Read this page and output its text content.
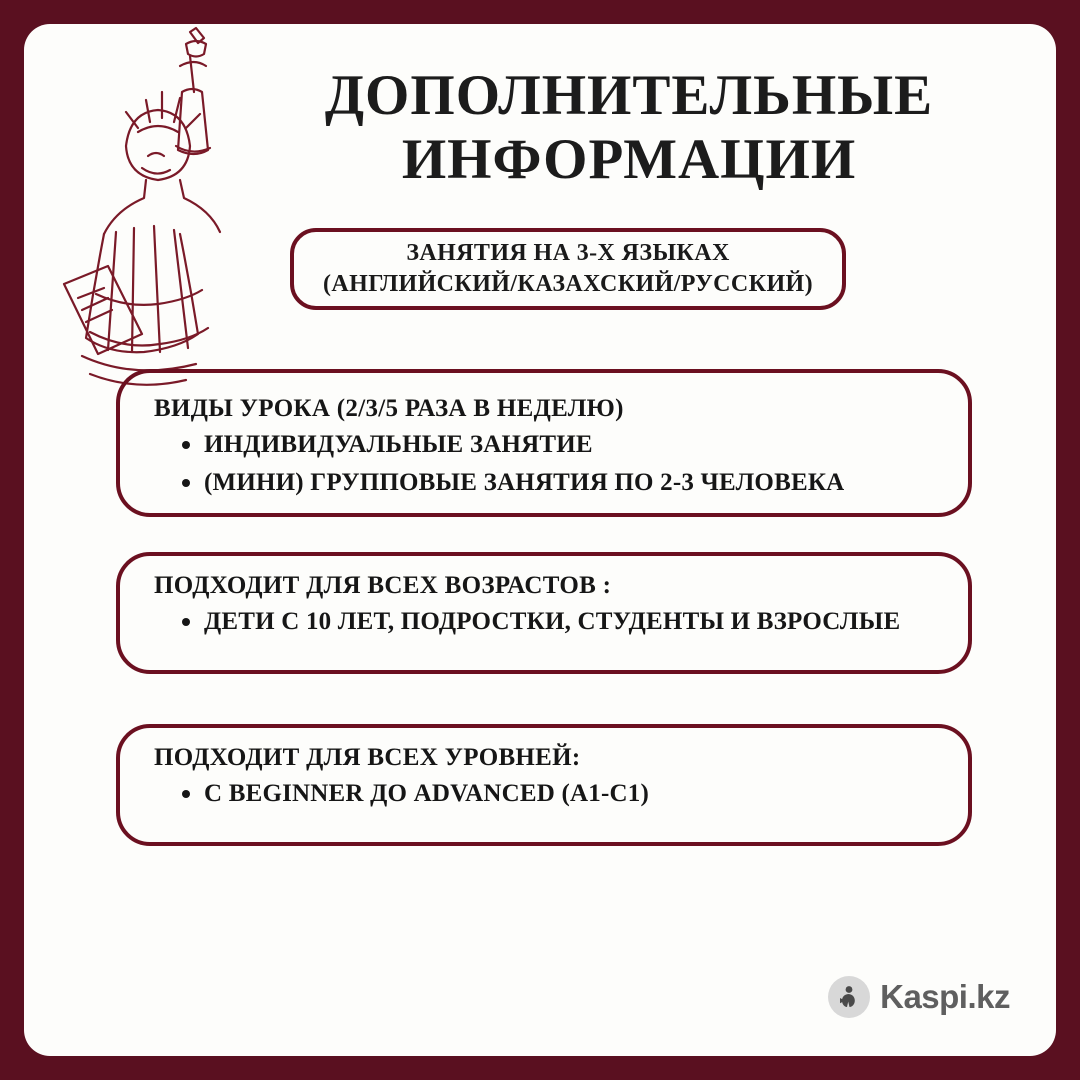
ДОПОЛНИТЕЛЬНЫЕ
ИНФОРМАЦИИ
ЗАНЯТИЯ НА 3-Х ЯЗЫКАХ
(АНГЛИЙСКИЙ/КАЗАХСКИЙ/РУССКИЙ)

ВИДЫ УРОКА (2/3/5 РАЗА В НЕДЕЛЮ)

ИНДИВИДУАЛЬНЫЕ ЗАНЯТИЕ
(МИНИ) ГРУППОВЫЕ ЗАНЯТИЯ ПО 2-3 ЧЕЛОВЕКА

ПОДХОДИТ ДЛЯ ВСЕХ ВОЗРАСТОВ :

ДЕТИ С 10 ЛЕТ, ПОДРОСТКИ, СТУДЕНТЫ И ВЗРОСЛЫЕ

ПОДХОДИТ ДЛЯ ВСЕХ УРОВНЕЙ:

С BEGINNER ДО ADVANCED (A1-C1)
Kaspi.kz
